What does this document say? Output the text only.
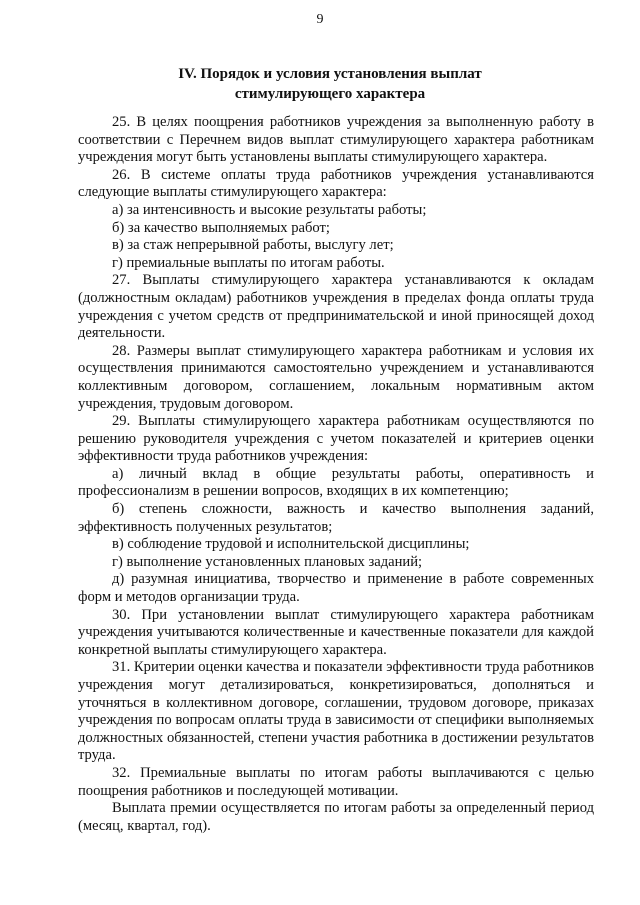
9
IV. Порядок и условия установления выплат
стимулирующего характера

25. В целях поощрения работников учреждения за выполненную работу в соответствии с Перечнем видов выплат стимулирующего характера работникам учреждения могут быть установлены выплаты стимулирующего характера.

26. В системе оплаты труда работников учреждения устанавливаются следующие выплаты стимулирующего характера:

а) за интенсивность и высокие результаты работы;

б) за качество выполняемых работ;

в) за стаж непрерывной работы, выслугу лет;

г) премиальные выплаты по итогам работы.

27. Выплаты стимулирующего характера устанавливаются к окладам (должностным окладам) работников учреждения в пределах фонда оплаты труда учреждения с учетом средств от предпринимательской и иной приносящей доход деятельности.

28. Размеры выплат стимулирующего характера работникам и условия их осуществления принимаются самостоятельно учреждением и устанавливаются коллективным договором, соглашением, локальным нормативным актом учреждения, трудовым договором.

29. Выплаты стимулирующего характера работникам осуществляются по решению руководителя учреждения с учетом показателей и критериев оценки эффективности труда работников учреждения:

а) личный вклад в общие результаты работы, оперативность и профессионализм в решении вопросов, входящих в их компетенцию;

б) степень сложности, важность и качество выполнения заданий, эффективность полученных результатов;

в) соблюдение трудовой и исполнительской дисциплины;

г) выполнение установленных плановых заданий;

д) разумная инициатива, творчество и применение в работе современных форм и методов организации труда.

30. При установлении выплат стимулирующего характера работникам учреждения учитываются количественные и качественные показатели для каждой конкретной выплаты стимулирующего характера.

31. Критерии оценки качества и показатели эффективности труда работников учреждения могут детализироваться, конкретизироваться, дополняться и уточняться в коллективном договоре, соглашении, трудовом договоре, приказах учреждения по вопросам оплаты труда в зависимости от специфики выполняемых должностных обязанностей, степени участия работника в достижении результатов труда.

32. Премиальные выплаты по итогам работы выплачиваются с целью поощрения работников и последующей мотивации.

Выплата премии осуществляется по итогам работы за определенный период (месяц, квартал, год).
